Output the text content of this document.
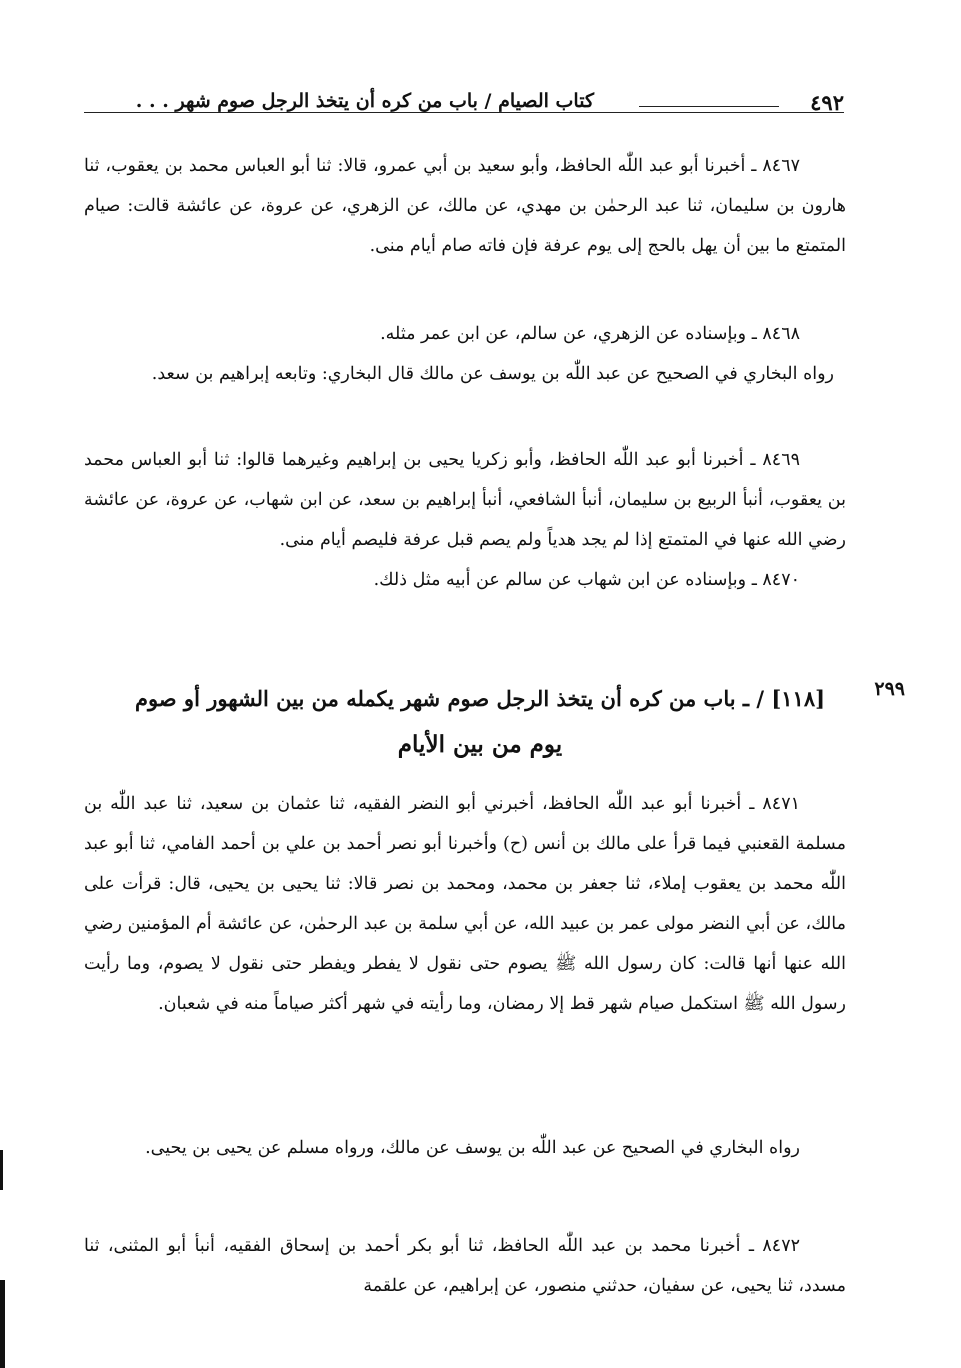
٤٩٢
كتاب الصيام / باب من كره أن يتخذ الرجل صوم شهر . . .

٨٤٦٧ ـ أخبرنا أبو عبد اللّٰه الحافظ، وأبو سعيد بن أبي عمرو، قالا: ثنا أبو العباس محمد بن يعقوب، ثنا هارون بن سليمان، ثنا عبد الرحمٰن بن مهدي، عن مالك، عن الزهري، عن عروة، عن عائشة قالت: صيام المتمتع ما بين أن يهل بالحج إلى يوم عرفة فإن فاته صام أيام منى.

٨٤٦٨ ـ وبإسناده عن الزهري، عن سالم، عن ابن عمر مثله.

رواه البخاري في الصحيح عن عبد اللّٰه بن يوسف عن مالك قال البخاري: وتابعه إبراهيم بن سعد.

٨٤٦٩ ـ أخبرنا أبو عبد اللّٰه الحافظ، وأبو زكريا يحيى بن إبراهيم وغيرهما قالوا: ثنا أبو العباس محمد بن يعقوب، أنبأ الربيع بن سليمان، أنبأ الشافعي، أنبأ إبراهيم بن سعد، عن ابن شهاب، عن عروة، عن عائشة رضي الله عنها في المتمتع إذا لم يجد هدياً ولم يصم قبل عرفة فليصم أيام منى.

٨٤٧٠ ـ وبإسناده عن ابن شهاب عن سالم عن أبيه مثل ذلك.

٢٩٩
[١١٨] / ـ باب من كره أن يتخذ الرجل صوم شهر يكمله من بين الشهور أو صوم
يوم من بين الأيام

٨٤٧١ ـ أخبرنا أبو عبد اللّٰه الحافظ، أخبرني أبو النضر الفقيه، ثنا عثمان بن سعيد، ثنا عبد اللّٰه بن مسلمة القعنبي فيما قرأ على مالك بن أنس (ح) وأخبرنا أبو نصر أحمد بن علي بن أحمد الفامي، ثنا أبو عبد اللّٰه محمد بن يعقوب إملاء، ثنا جعفر بن محمد، ومحمد بن نصر قالا: ثنا يحيى بن يحيى، قال: قرأت على مالك، عن أبي النضر مولى عمر بن عبيد الله، عن أبي سلمة بن عبد الرحمٰن، عن عائشة أم المؤمنين رضي الله عنها أنها قالت: كان رسول الله ﷺ يصوم حتى نقول لا يفطر ويفطر حتى نقول لا يصوم، وما رأيت رسول الله ﷺ استكمل صيام شهر قط إلا رمضان، وما رأيته في شهر أكثر صياماً منه في شعبان.

رواه البخاري في الصحيح عن عبد اللّٰه بن يوسف عن مالك، ورواه مسلم عن يحيى بن يحيى.

٨٤٧٢ ـ أخبرنا محمد بن عبد اللّٰه الحافظ، ثنا أبو بكر أحمد بن إسحاق الفقيه، أنبأ أبو المثنى، ثنا مسدد، ثنا يحيى، عن سفيان، حدثني منصور، عن إبراهيم، عن علقمة
